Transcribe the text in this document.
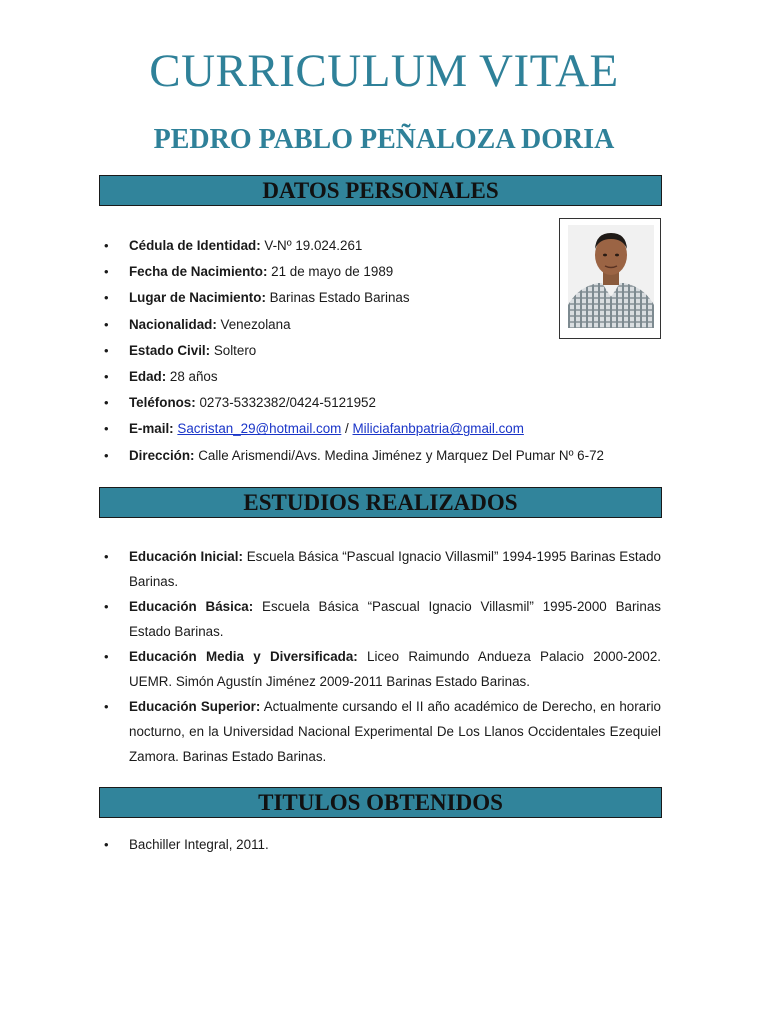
CURRICULUM VITAE
PEDRO PABLO PEÑALOZA DORIA
DATOS PERSONALES
• Cédula de Identidad: V-Nº 19.024.261
• Fecha de Nacimiento: 21 de mayo de 1989
• Lugar de Nacimiento: Barinas Estado Barinas
• Nacionalidad: Venezolana
• Estado Civil: Soltero
• Edad: 28 años
• Teléfonos: 0273-5332382/0424-5121952
• E-mail: Sacristan_29@hotmail.com / Miliciafanbpatria@gmail.com
• Dirección: Calle Arismendi/Avs. Medina Jiménez y Marquez Del Pumar Nº 6-72
ESTUDIOS REALIZADOS
• Educación Inicial: Escuela Básica “Pascual Ignacio Villasmil” 1994-1995 Barinas Estado Barinas.
• Educación Básica: Escuela Básica “Pascual Ignacio Villasmil” 1995-2000 Barinas Estado Barinas.
• Educación Media y Diversificada: Liceo Raimundo Andueza Palacio 2000-2002. UEMR. Simón Agustín Jiménez 2009-2011 Barinas Estado Barinas.
• Educación Superior: Actualmente cursando el II año académico de Derecho, en horario nocturno, en la Universidad Nacional Experimental De Los Llanos Occidentales Ezequiel Zamora. Barinas Estado Barinas.
TITULOS OBTENIDOS
• Bachiller Integral, 2011.
